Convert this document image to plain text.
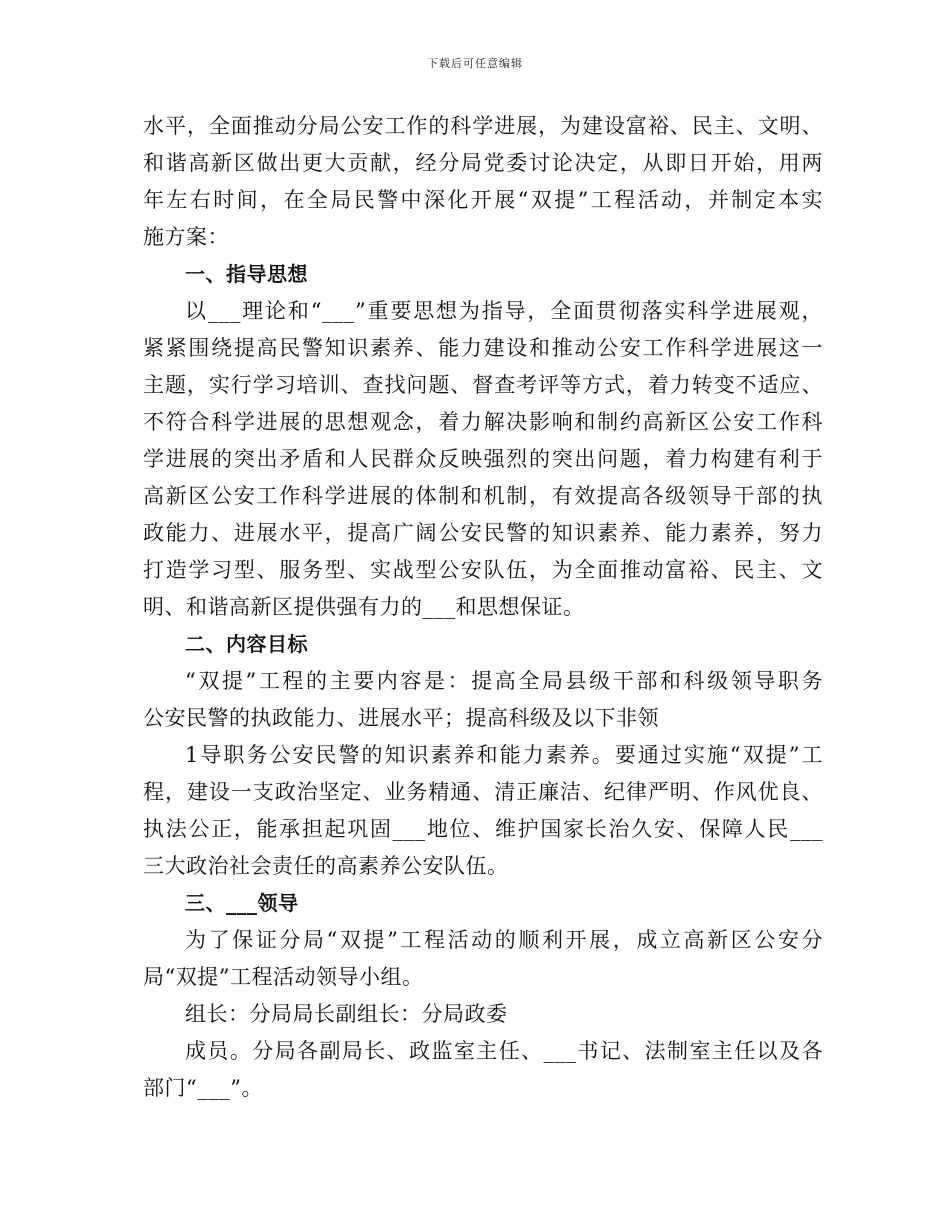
下载后可任意编辑
水平，全面推动分局公安工作的科学进展，为建设富裕、民主、文明、
和谐高新区做出更大贡献，经分局党委讨论决定，从即日开始，用两
年左右时间，在全局民警中深化开展“双提”工程活动，并制定本实
施方案：
一、指导思想
以___理论和“___”重要思想为指导，全面贯彻落实科学进展观，
紧紧围绕提高民警知识素养、能力建设和推动公安工作科学进展这一
主题，实行学习培训、查找问题、督查考评等方式，着力转变不适应、
不符合科学进展的思想观念，着力解决影响和制约高新区公安工作科
学进展的突出矛盾和人民群众反映强烈的突出问题，着力构建有利于
高新区公安工作科学进展的体制和机制，有效提高各级领导干部的执
政能力、进展水平，提高广阔公安民警的知识素养、能力素养，努力
打造学习型、服务型、实战型公安队伍，为全面推动富裕、民主、文
明、和谐高新区提供强有力的___和思想保证。
二、内容目标
“双提”工程的主要内容是：提高全局县级干部和科级领导职务
公安民警的执政能力、进展水平；提高科级及以下非领
1导职务公安民警的知识素养和能力素养。要通过实施“双提”工
程，建设一支政治坚定、业务精通、清正廉洁、纪律严明、作风优良、
执法公正，能承担起巩固___地位、维护国家长治久安、保障人民___
三大政治社会责任的高素养公安队伍。
三、___领导
为了保证分局“双提”工程活动的顺利开展，成立高新区公安分
局“双提”工程活动领导小组。
组长：分局局长副组长：分局政委
成员。分局各副局长、政监室主任、___书记、法制室主任以及各
部门“___”。
